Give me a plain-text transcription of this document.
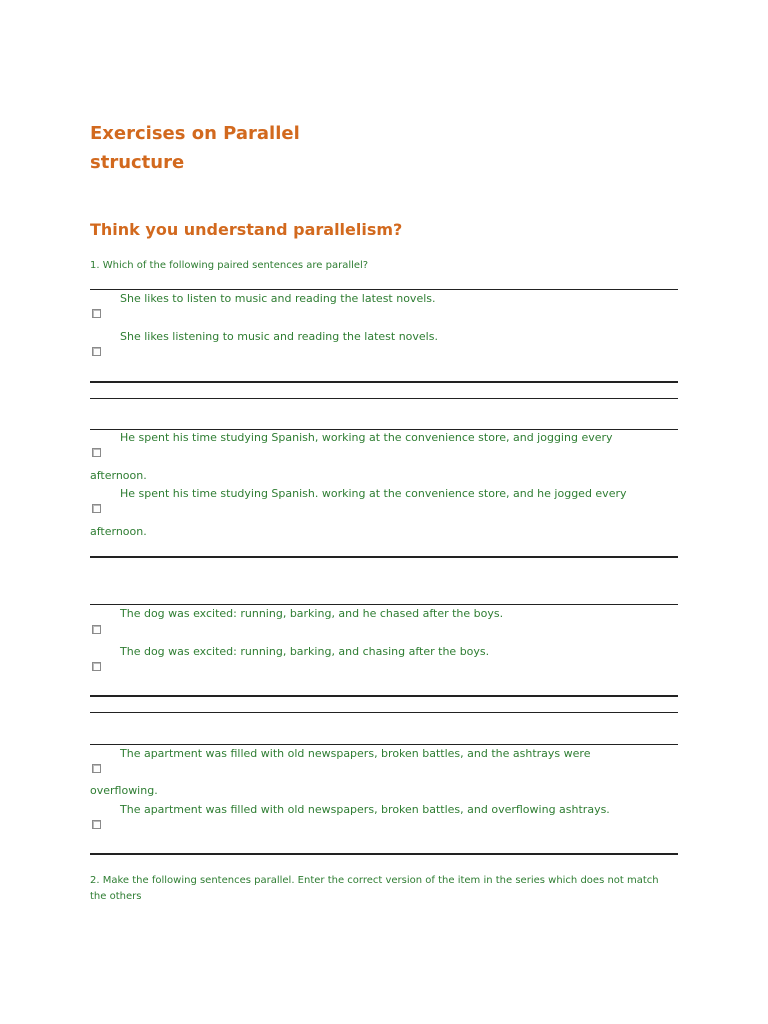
Exercises on Parallel
structure
Think you understand parallelism?
1. Which of the following paired sentences are parallel?
She likes to listen to music and reading the latest novels.
She likes listening to music and reading the latest novels.
He spent his time studying Spanish, working at the convenience store, and jogging every
afternoon.
He spent his time studying Spanish. working at the convenience store, and he jogged every
afternoon.
The dog was excited: running, barking, and he chased after the boys.
The dog was excited: running, barking, and chasing after the boys.
The apartment was filled with old newspapers, broken battles, and the ashtrays were
overflowing.
The apartment was filled with old newspapers, broken battles, and overflowing ashtrays.
2. Make the following sentences parallel. Enter the correct version of the item in the series which does not match
the others
